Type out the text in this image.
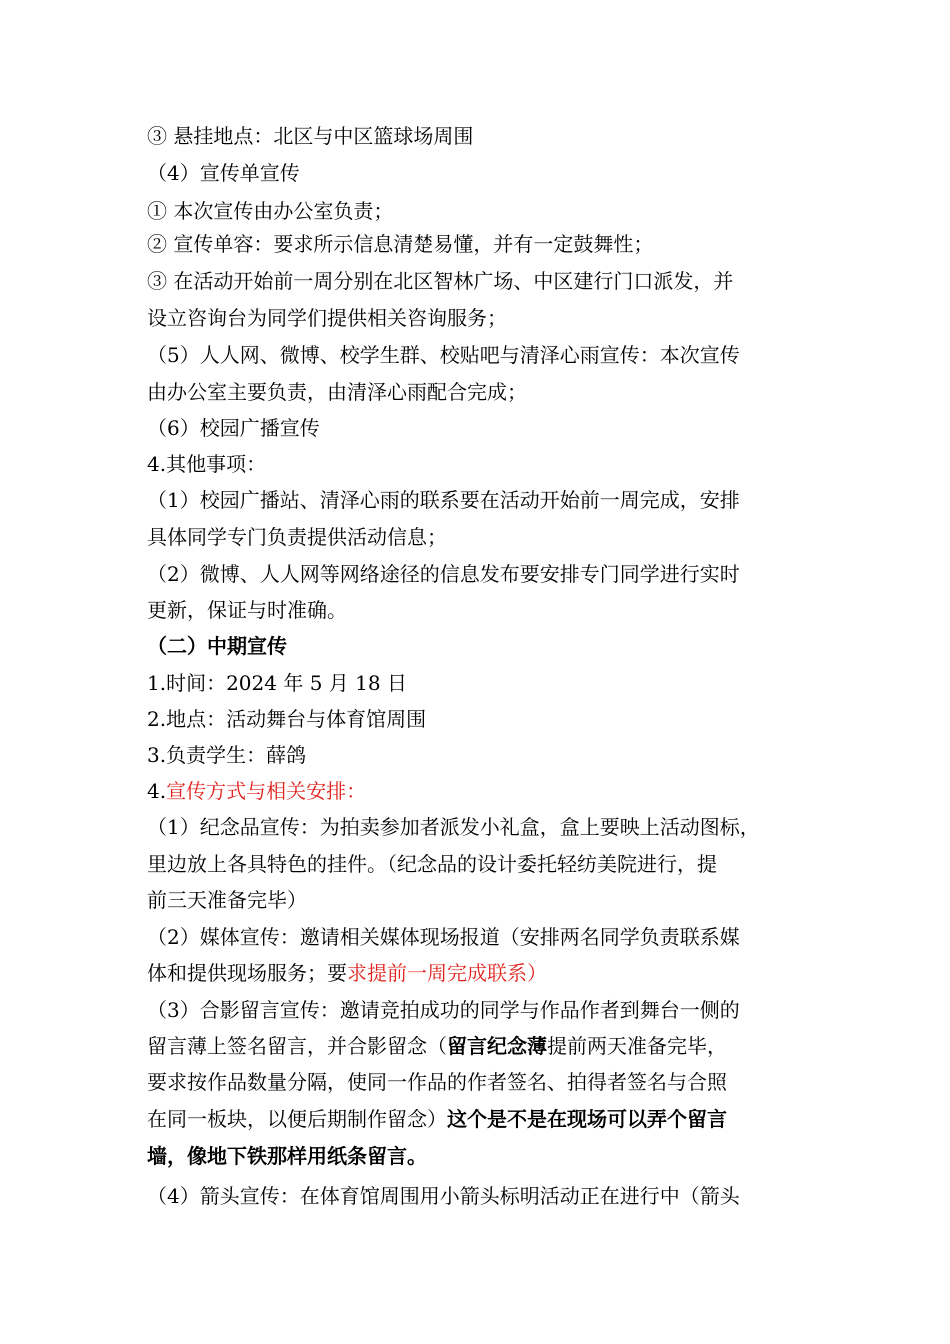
③ 悬挂地点：北区与中区篮球场周围
（4）宣传单宣传
① 本次宣传由办公室负责；
② 宣传单容：要求所示信息清楚易懂，并有一定鼓舞性；
③ 在活动开始前一周分别在北区智林广场、中区建行门口派发，并
设立咨询台为同学们提供相关咨询服务；
（5）人人网、微博、校学生群、校贴吧与清泽心雨宣传：本次宣传
由办公室主要负责，由清泽心雨配合完成；
（6）校园广播宣传
4.其他事项：
（1）校园广播站、清泽心雨的联系要在活动开始前一周完成，安排
具体同学专门负责提供活动信息；
（2）微博、人人网等网络途径的信息发布要安排专门同学进行实时
更新，保证与时准确。
（二）中期宣传
1.时间：2024 年 5 月 18 日
2.地点：活动舞台与体育馆周围
3.负责学生：薛鸽
4.宣传方式与相关安排：
（1）纪念品宣传：为拍卖参加者派发小礼盒，盒上要映上活动图标，
里边放上各具特色的挂件。（纪念品的设计委托轻纺美院进行，提
前三天准备完毕）
（2）媒体宣传：邀请相关媒体现场报道（安排两名同学负责联系媒
体和提供现场服务；要求提前一周完成联系）
（3）合影留言宣传：邀请竞拍成功的同学与作品作者到舞台一侧的
留言薄上签名留言，并合影留念（留言纪念薄提前两天准备完毕，
要求按作品数量分隔，使同一作品的作者签名、拍得者签名与合照
在同一板块，以便后期制作留念）这个是不是在现场可以弄个留言
墙，像地下铁那样用纸条留言。
（4）箭头宣传：在体育馆周围用小箭头标明活动正在进行中（箭头
